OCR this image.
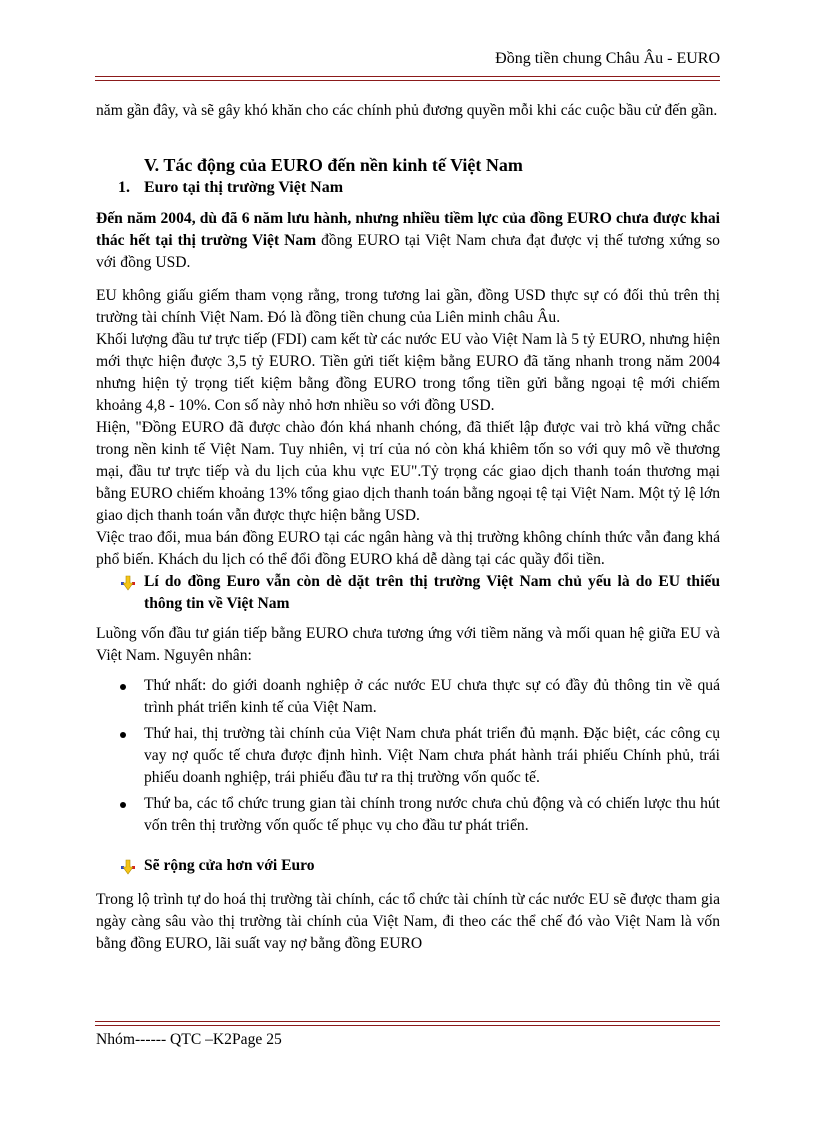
Đồng tiền chung Châu Âu - EURO

năm gần đây, và sẽ gây khó khăn cho các chính phủ đương quyền mỗi khi các cuộc bầu cử đến gần.

V. Tác động của EURO đến nền kinh tế Việt Nam

1. Euro tại thị trường Việt Nam

Đến năm 2004, dù đã 6 năm lưu hành, nhưng nhiều tiềm lực của đồng EURO chưa được khai thác hết tại thị trường Việt Nam đồng EURO tại Việt Nam chưa đạt được vị thế tương xứng so với đồng USD.

EU không giấu giếm tham vọng rằng, trong tương lai gần, đồng USD thực sự có đối thủ trên thị trường tài chính Việt Nam. Đó là đồng tiền chung của Liên minh châu Âu.

Khối lượng đầu tư trực tiếp (FDI) cam kết từ các nước EU vào Việt Nam là 5 tỷ EURO, nhưng hiện mới thực hiện được 3,5 tỷ EURO. Tiền gửi tiết kiệm bằng EURO đã tăng nhanh trong năm 2004 nhưng hiện tỷ trọng tiết kiệm bằng đồng EURO trong tổng tiền gửi bằng ngoại tệ mới chiếm khoảng 4,8 - 10%. Con số này nhỏ hơn nhiều so với đồng USD.

Hiện, "Đồng EURO đã được chào đón khá nhanh chóng, đã thiết lập được vai trò khá vững chắc trong nền kinh tế Việt Nam. Tuy nhiên, vị trí của nó còn khá khiêm tốn so với quy mô về thương mại, đầu tư trực tiếp và du lịch của khu vực EU".Tỷ trọng các giao dịch thanh toán thương mại bằng EURO chiếm khoảng 13% tổng giao dịch thanh toán bằng ngoại tệ tại Việt Nam. Một tỷ lệ lớn giao dịch thanh toán vẫn được thực hiện bằng USD.

Việc trao đổi, mua bán đồng EURO tại các ngân hàng và thị trường không chính thức vẫn đang khá phổ biến. Khách du lịch có thể đổi đồng EURO khá dễ dàng tại các quầy đổi tiền.

Lí do đồng Euro vẫn còn dè dặt trên thị trường Việt Nam chủ yếu là do EU thiếu thông tin về Việt Nam

Luồng vốn đầu tư gián tiếp bằng EURO chưa tương ứng với tiềm năng và mối quan hệ giữa EU và Việt Nam. Nguyên nhân:

Thứ nhất: do giới doanh nghiệp ở các nước EU chưa thực sự có đầy đủ thông tin về quá trình phát triển kinh tế của Việt Nam.
Thứ hai, thị trường tài chính của Việt Nam chưa phát triển đủ mạnh. Đặc biệt, các công cụ vay nợ quốc tế chưa được định hình. Việt Nam chưa phát hành trái phiếu Chính phủ, trái phiếu doanh nghiệp, trái phiếu đầu tư ra thị trường vốn quốc tế.
Thứ ba, các tổ chức trung gian tài chính trong nước chưa chủ động và có chiến lược thu hút vốn trên thị trường vốn quốc tế phục vụ cho đầu tư phát triển.

Sẽ rộng cửa hơn với Euro

Trong lộ trình tự do hoá thị trường tài chính, các tổ chức tài chính từ các nước EU sẽ được tham gia ngày càng sâu vào thị trường tài chính của Việt Nam, đi theo các thể chế đó vào Việt Nam là vốn bằng đồng EURO, lãi suất vay nợ bằng đồng EURO

Nhóm------ QTC –K2Page 25
